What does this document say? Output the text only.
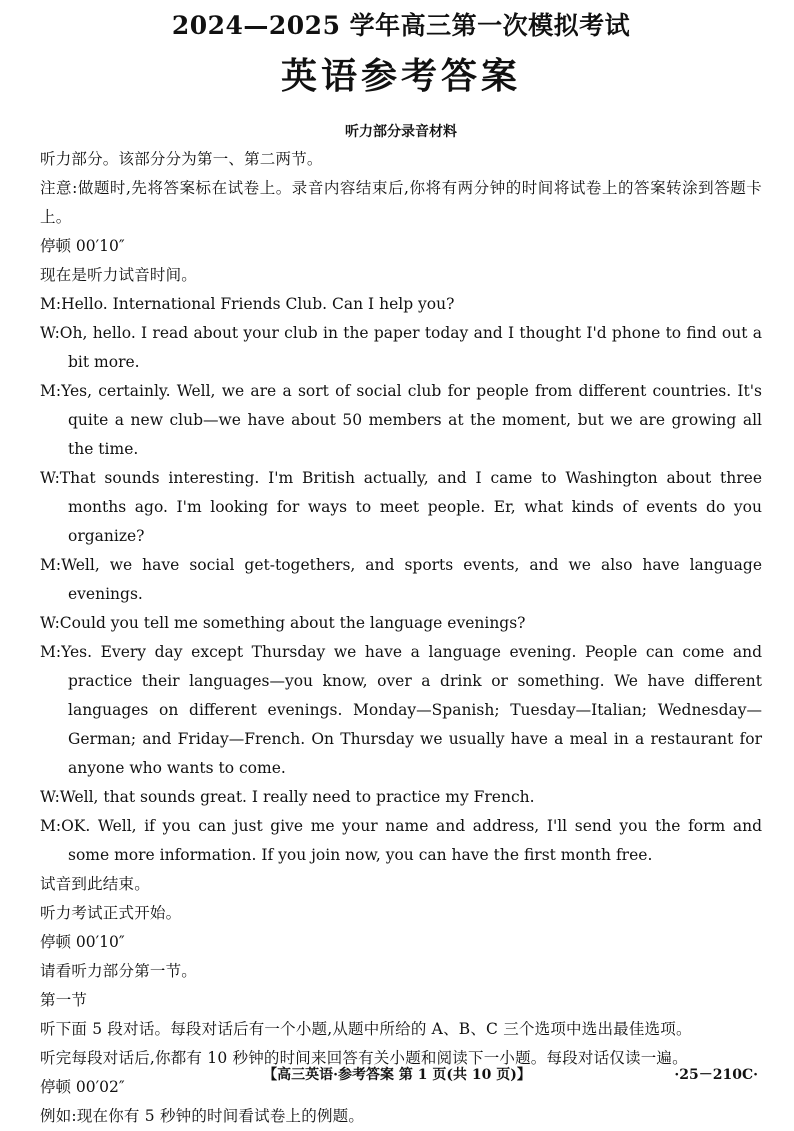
2024—2025 学年高三第一次模拟考试
英语参考答案
听力部分录音材料
听力部分。该部分分为第一、第二两节。
注意:做题时,先将答案标在试卷上。录音内容结束后,你将有两分钟的时间将试卷上的答案转涂到答题卡上。
停顿 00′10″
现在是听力试音时间。
M:Hello. International Friends Club. Can I help you?
W:Oh, hello. I read about your club in the paper today and I thought I'd phone to find out a bit more.
M:Yes, certainly. Well, we are a sort of social club for people from different countries. It's quite a new club—we have about 50 members at the moment, but we are growing all the time.
W:That sounds interesting. I'm British actually, and I came to Washington about three months ago. I'm looking for ways to meet people. Er, what kinds of events do you organize?
M:Well, we have social get-togethers, and sports events, and we also have language evenings.
W:Could you tell me something about the language evenings?
M:Yes. Every day except Thursday we have a language evening. People can come and practice their languages—you know, over a drink or something. We have different languages on different evenings. Monday—Spanish; Tuesday—Italian; Wednesday—German; and Friday—French. On Thursday we usually have a meal in a restaurant for anyone who wants to come.
W:Well, that sounds great. I really need to practice my French.
M:OK. Well, if you can just give me your name and address, I'll send you the form and some more information. If you join now, you can have the first month free.
试音到此结束。
听力考试正式开始。
停顿 00′10″
请看听力部分第一节。
第一节
听下面 5 段对话。每段对话后有一个小题,从题中所给的 A、B、C 三个选项中选出最佳选项。
听完每段对话后,你都有 10 秒钟的时间来回答有关小题和阅读下一小题。每段对话仅读一遍。
停顿 00′02″
例如:现在你有 5 秒钟的时间看试卷上的例题。
【高三英语·参考答案 第 1 页(共 10 页)】	·25－210C·
